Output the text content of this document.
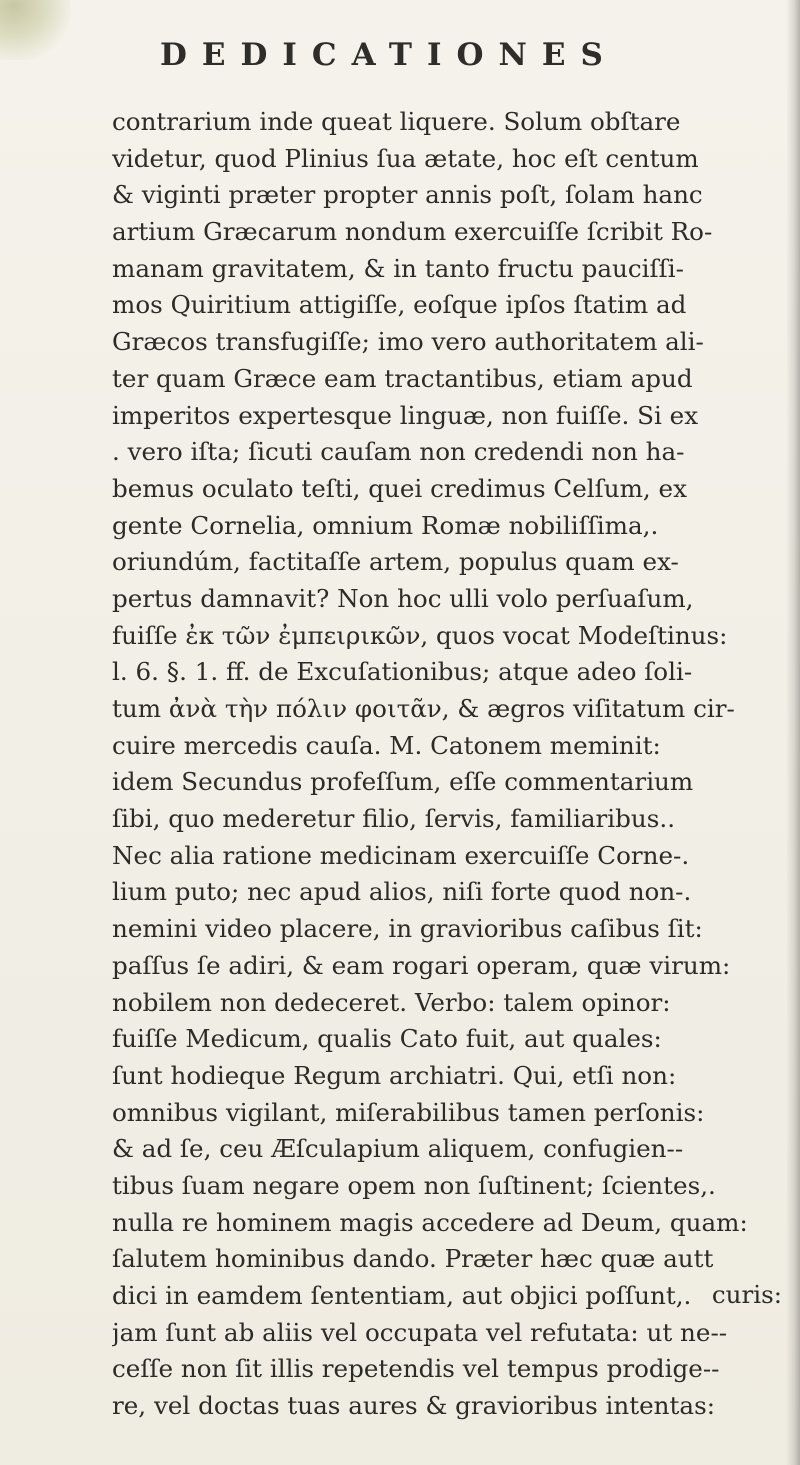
DEDICATIONES
contrarium inde queat liquere. Solum obſtare
videtur, quod Plinius ſua ætate, hoc eſt centum
& viginti præter propter annis poſt, ſolam hanc
artium Græcarum nondum exercuiſſe ſcribit Ro-
manam gravitatem, & in tanto fructu pauciſſi-
mos Quiritium attigiſſe, eoſque ipſos ſtatim ad
Græcos transfugiſſe; imo vero authoritatem ali-
ter quam Græce eam tractantibus, etiam apud
imperitos expertesque linguæ, non fuiſſe. Si ex
. vero iſta; ſicuti cauſam non credendi non ha-
bemus oculato teſti, quei credimus Celſum, ex
gente Cornelia, omnium Romæ nobiliſſima,.
oriundúm, factitaſſe artem, populus quam ex-
pertus damnavit? Non hoc ulli volo perſuaſum,
fuiſſe ἐκ τῶν ἐμπειρικῶν, quos vocat Modeſtinus:
l. 6. §. 1. ff. de Excuſationibus; atque adeo ſoli-
tum ἀνὰ τὴν πόλιν φοιτᾶν, & ægros viſitatum cir-
cuire mercedis cauſa. M. Catonem meminit:
idem Secundus profeſſum, eſſe commentarium
ſibi, quo mederetur filio, ſervis, familiaribus..
Nec alia ratione medicinam exercuiſſe Corne-.
lium puto; nec apud alios, niſi forte quod non-.
nemini video placere, in gravioribus caſibus ſit:
paſſus ſe adiri, & eam rogari operam, quæ virum:
nobilem non dedeceret. Verbo: talem opinor:
fuiſſe Medicum, qualis Cato fuit, aut quales:
ſunt hodieque Regum archiatri. Qui, etſi non:
omnibus vigilant, miſerabilibus tamen perſonis:
& ad ſe, ceu Æſculapium aliquem, confugien--
tibus ſuam negare opem non ſuſtinent; ſcientes,.
nulla re hominem magis accedere ad Deum, quam:
ſalutem hominibus dando. Præter hæc quæ autt
dici in eamdem ſententiam, aut objici poſſunt,.
jam ſunt ab aliis vel occupata vel refutata: ut ne--
ceſſe non ſit illis repetendis vel tempus prodige--
re, vel doctas tuas aures & gravioribus intentas:
curis:
